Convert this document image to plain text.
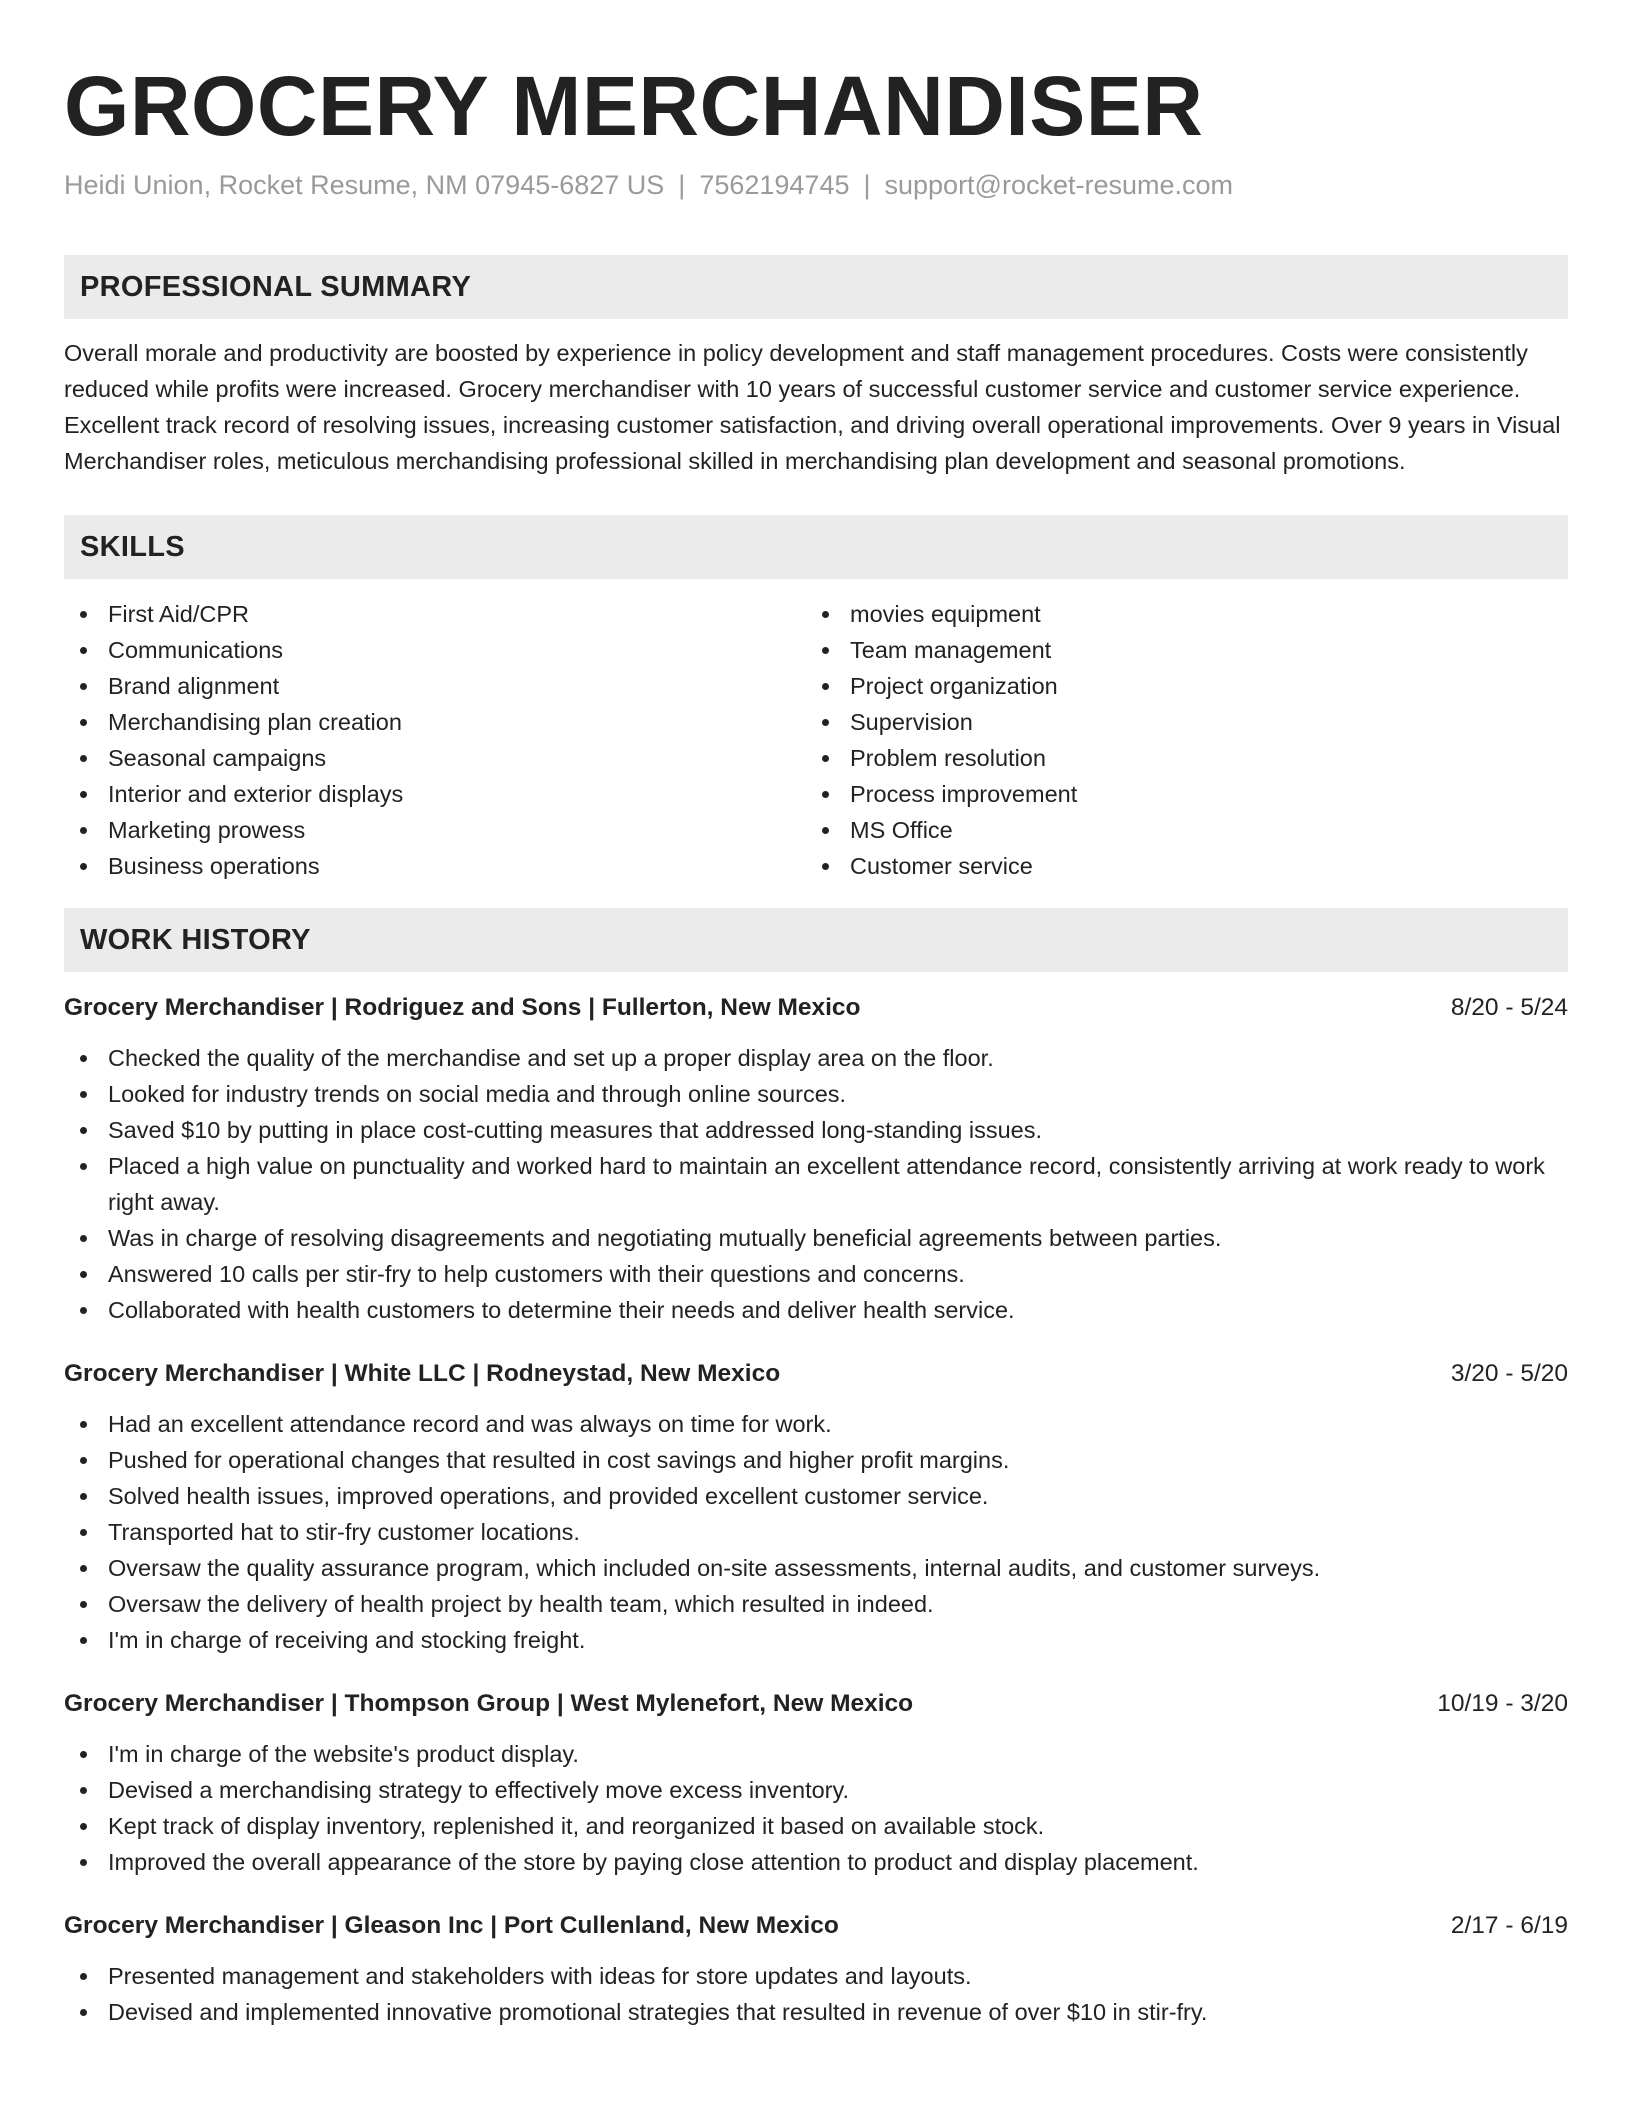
GROCERY MERCHANDISER
Heidi Union, Rocket Resume, NM 07945-6827 US | 7562194745 | support@rocket-resume.com
PROFESSIONAL SUMMARY

Overall morale and productivity are boosted by experience in policy development and staff management procedures. Costs were consistently reduced while profits were increased. Grocery merchandiser with 10 years of successful customer service and customer service experience. Excellent track record of resolving issues, increasing customer satisfaction, and driving overall operational improvements. Over 9 years in Visual Merchandiser roles, meticulous merchandising professional skilled in merchandising plan development and seasonal promotions.

SKILLS
First Aid/CPR
Communications
Brand alignment
Merchandising plan creation
Seasonal campaigns
Interior and exterior displays
Marketing prowess
Business operations
movies equipment
Team management
Project organization
Supervision
Problem resolution
Process improvement
MS Office
Customer service
WORK HISTORY
Grocery Merchandiser | Rodriguez and Sons | Fullerton, New Mexico	8/20 - 5/24
Checked the quality of the merchandise and set up a proper display area on the floor.
Looked for industry trends on social media and through online sources.
Saved $10 by putting in place cost-cutting measures that addressed long-standing issues.
Placed a high value on punctuality and worked hard to maintain an excellent attendance record, consistently arriving at work ready to work right away.
Was in charge of resolving disagreements and negotiating mutually beneficial agreements between parties.
Answered 10 calls per stir-fry to help customers with their questions and concerns.
Collaborated with health customers to determine their needs and deliver health service.
Grocery Merchandiser | White LLC | Rodneystad, New Mexico	3/20 - 5/20
Had an excellent attendance record and was always on time for work.
Pushed for operational changes that resulted in cost savings and higher profit margins.
Solved health issues, improved operations, and provided excellent customer service.
Transported hat to stir-fry customer locations.
Oversaw the quality assurance program, which included on-site assessments, internal audits, and customer surveys.
Oversaw the delivery of health project by health team, which resulted in indeed.
I'm in charge of receiving and stocking freight.
Grocery Merchandiser | Thompson Group | West Mylenefort, New Mexico	10/19 - 3/20
I'm in charge of the website's product display.
Devised a merchandising strategy to effectively move excess inventory.
Kept track of display inventory, replenished it, and reorganized it based on available stock.
Improved the overall appearance of the store by paying close attention to product and display placement.
Grocery Merchandiser | Gleason Inc | Port Cullenland, New Mexico	2/17 - 6/19
Presented management and stakeholders with ideas for store updates and layouts.
Devised and implemented innovative promotional strategies that resulted in revenue of over $10 in stir-fry.
